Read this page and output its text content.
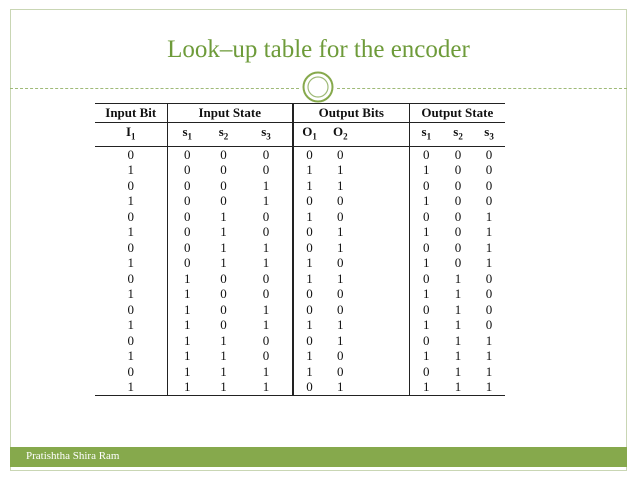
Look–up table for the encoder
Input Bit	Input State			Output Bits		Output State		
$I_1$	$s_1$	$s_2$	$s_3$	$O_1$	$O_2$	$s_1$	$s_2$	$s_3$
0	0	0	0	0	0	0	0	0
1	0	0	0	1	1	1	0	0
0	0	0	1	1	1	0	0	0
1	0	0	1	0	0	1	0	0
0	0	1	0	1	0	0	0	1
1	0	1	0	0	1	1	0	1
0	0	1	1	0	1	0	0	1
1	0	1	1	1	0	1	0	1
0	1	0	0	1	1	0	1	0
1	1	0	0	0	0	1	1	0
0	1	0	1	0	0	0	1	0
1	1	0	1	1	1	1	1	0
0	1	1	0	0	1	0	1	1
1	1	1	0	1	0	1	1	1
0	1	1	1	1	0	0	1	1
1	1	1	1	0	1	1	1	1
Pratishtha Shira Ram
